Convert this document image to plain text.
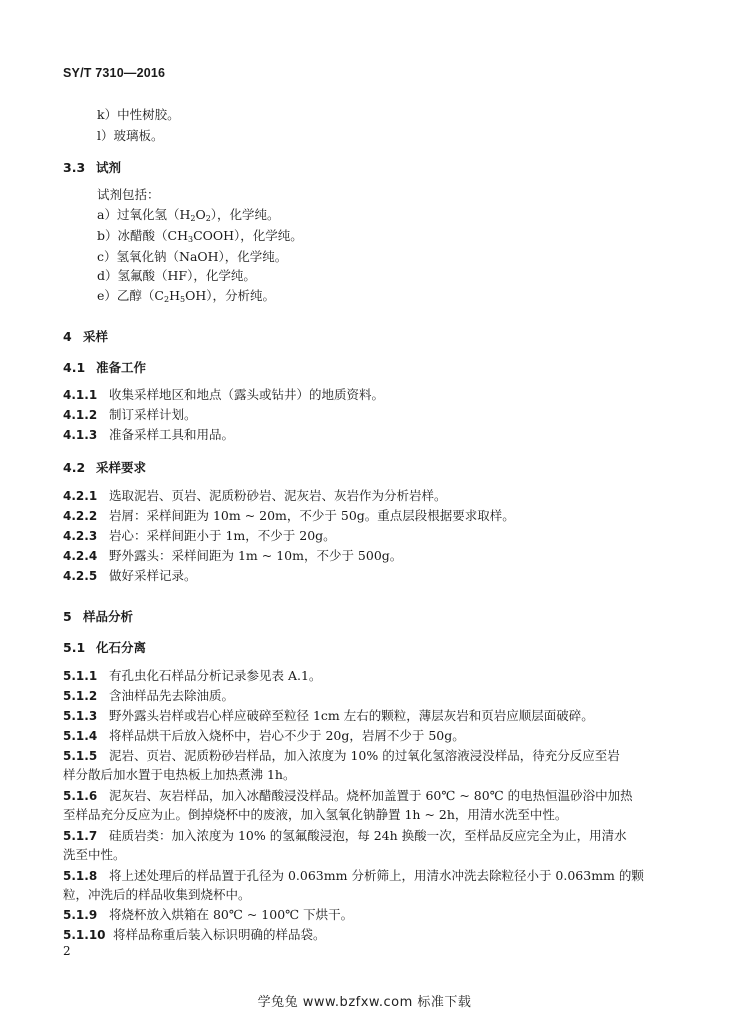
SY/T 7310—2016
k）中性树胶。
l）玻璃板。
3.3 试剂
试剂包括：
a）过氧化氢$(H_2O_2)$，化学纯。
b）冰醋酸$(CH_3COOH)$，化学纯。
c）氢氧化钠（NaOH），化学纯。
d）氢氟酸（HF），化学纯。
e）乙醇$(C_2H_5OH)$，分析纯。
4 采样
4.1 准备工作
4.1.1 收集采样地区和地点（露头或钻井）的地质资料。
4.1.2 制订采样计划。
4.1.3 准备采样工具和用品。
4.2 采样要求
4.2.1 选取泥岩、页岩、泥质粉砂岩、泥灰岩、灰岩作为分析岩样。
4.2.2 岩屑：采样间距为 10m ~ 20m，不少于 50g。重点层段根据要求取样。
4.2.3 岩心：采样间距小于 1m，不少于 20g。
4.2.4 野外露头：采样间距为 1m ~ 10m，不少于 500g。
4.2.5 做好采样记录。
5 样品分析
5.1 化石分离
5.1.1 有孔虫化石样品分析记录参见表 A.1。
5.1.2 含油样品先去除油质。
5.1.3 野外露头岩样或岩心样应破碎至粒径 1cm 左右的颗粒，薄层灰岩和页岩应顺层面破碎。
5.1.4 将样品烘干后放入烧杯中，岩心不少于 20g，岩屑不少于 50g。
5.1.5 泥岩、页岩、泥质粉砂岩样品，加入浓度为 10% 的过氧化氢溶液浸没样品，待充分反应至岩
样分散后加水置于电热板上加热煮沸 1h。
5.1.6 泥灰岩、灰岩样品，加入冰醋酸浸没样品。烧杯加盖置于 60℃ ~ 80℃ 的电热恒温砂浴中加热
至样品充分反应为止。倒掉烧杯中的废液，加入氢氧化钠静置 1h ~ 2h，用清水洗至中性。
5.1.7 硅质岩类：加入浓度为 10% 的氢氟酸浸泡，每 24h 换酸一次，至样品反应完全为止，用清水
洗至中性。
5.1.8 将上述处理后的样品置于孔径为 0.063mm 分析筛上，用清水冲洗去除粒径小于 0.063mm 的颗
粒，冲洗后的样品收集到烧杯中。
5.1.9 将烧杯放入烘箱在 80℃ ~ 100℃ 下烘干。
5.1.10 将样品称重后装入标识明确的样品袋。
2
学兔兔 www.bzfxw.com 标准下载
